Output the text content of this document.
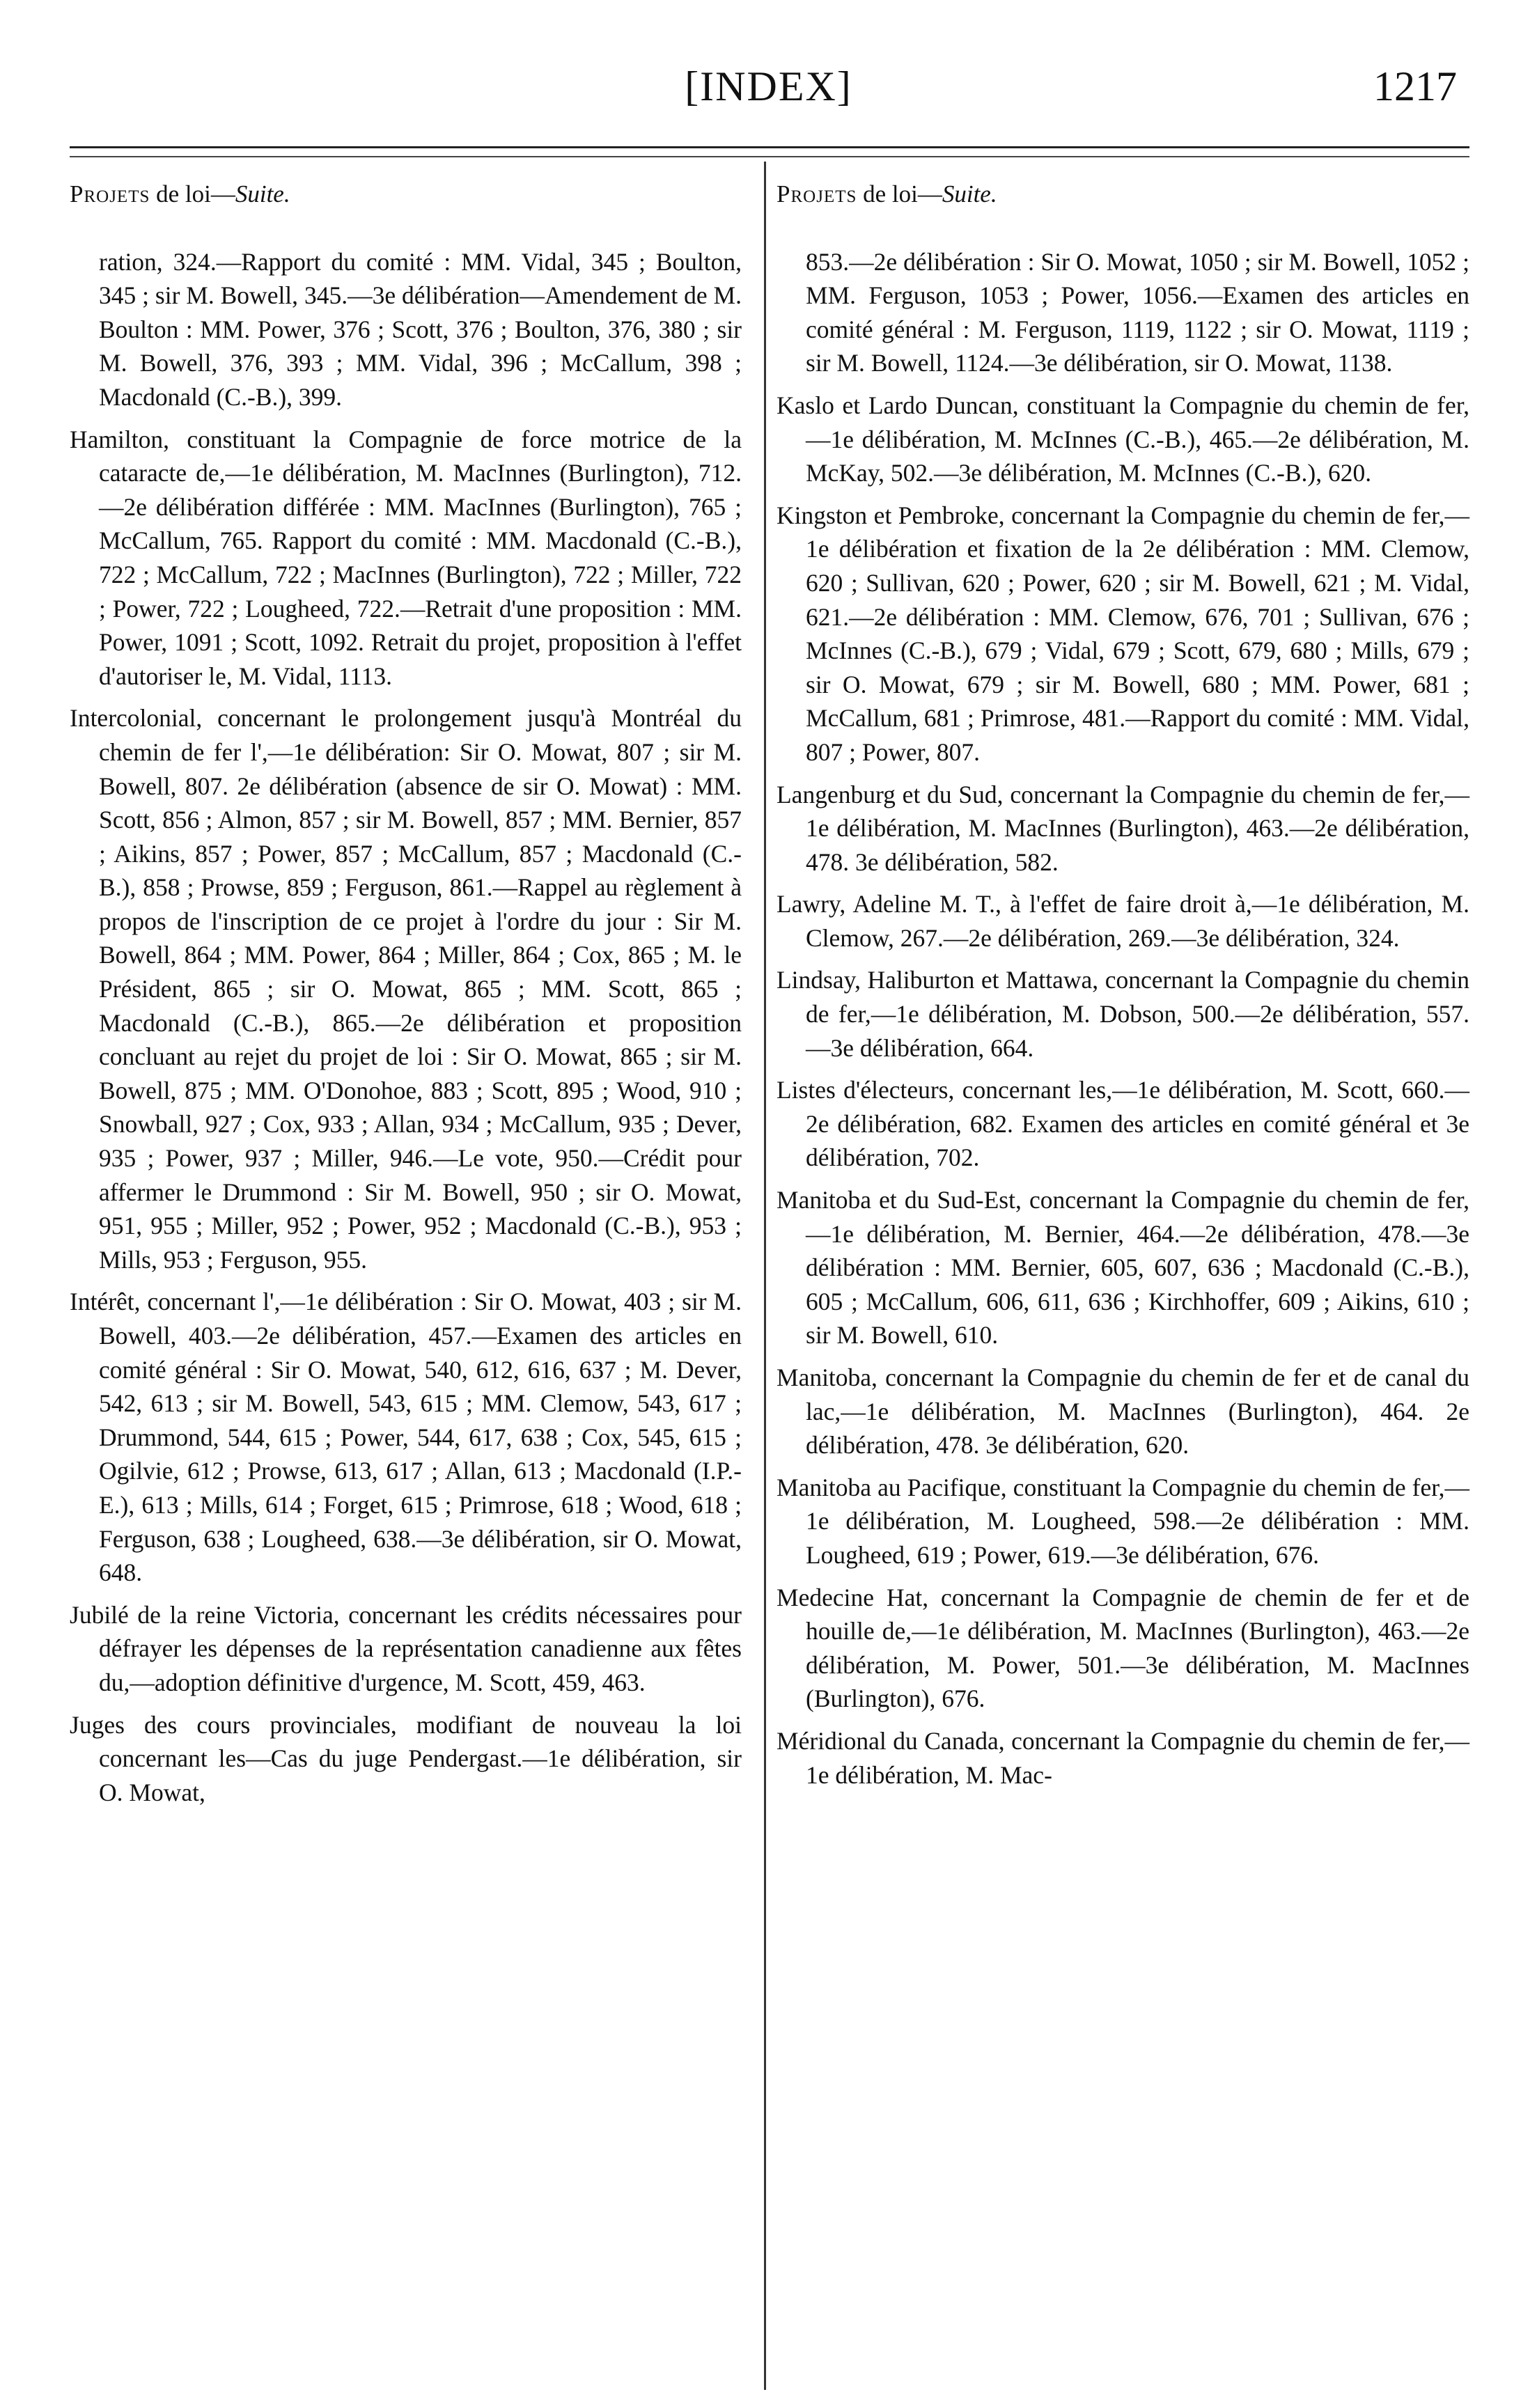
[INDEX]	1217
Projets de loi—Suite.

ration, 324.—Rapport du comité : MM. Vidal, 345 ; Boulton, 345 ; sir M. Bowell, 345.—3e délibération—Amendement de M. Boulton : MM. Power, 376 ; Scott, 376 ; Boulton, 376, 380 ; sir M. Bowell, 376, 393 ; MM. Vidal, 396 ; McCallum, 398 ; Macdonald (C.-B.), 399.

Hamilton, constituant la Compagnie de force motrice de la cataracte de,—1e délibération, M. MacInnes (Burlington), 712.—2e délibération différée : MM. MacInnes (Burlington), 765 ; McCallum, 765. Rapport du comité : MM. Macdonald (C.-B.), 722 ; McCallum, 722 ; MacInnes (Burlington), 722 ; Miller, 722 ; Power, 722 ; Lougheed, 722.—Retrait d'une proposition : MM. Power, 1091 ; Scott, 1092. Retrait du projet, proposition à l'effet d'autoriser le, M. Vidal, 1113.

Intercolonial, concernant le prolongement jusqu'à Montréal du chemin de fer l',—1e délibération: Sir O. Mowat, 807 ; sir M. Bowell, 807. 2e délibération (absence de sir O. Mowat) : MM. Scott, 856 ; Almon, 857 ; sir M. Bowell, 857 ; MM. Bernier, 857 ; Aikins, 857 ; Power, 857 ; McCallum, 857 ; Macdonald (C.-B.), 858 ; Prowse, 859 ; Ferguson, 861.—Rappel au règlement à propos de l'inscription de ce projet à l'ordre du jour : Sir M. Bowell, 864 ; MM. Power, 864 ; Miller, 864 ; Cox, 865 ; M. le Président, 865 ; sir O. Mowat, 865 ; MM. Scott, 865 ; Macdonald (C.-B.), 865.—2e délibération et proposition concluant au rejet du projet de loi : Sir O. Mowat, 865 ; sir M. Bowell, 875 ; MM. O'Donohoe, 883 ; Scott, 895 ; Wood, 910 ; Snowball, 927 ; Cox, 933 ; Allan, 934 ; McCallum, 935 ; Dever, 935 ; Power, 937 ; Miller, 946.—Le vote, 950.—Crédit pour affermer le Drummond : Sir M. Bowell, 950 ; sir O. Mowat, 951, 955 ; Miller, 952 ; Power, 952 ; Macdonald (C.-B.), 953 ; Mills, 953 ; Ferguson, 955.

Intérêt, concernant l',—1e délibération : Sir O. Mowat, 403 ; sir M. Bowell, 403.—2e délibération, 457.—Examen des articles en comité général : Sir O. Mowat, 540, 612, 616, 637 ; M. Dever, 542, 613 ; sir M. Bowell, 543, 615 ; MM. Clemow, 543, 617 ; Drummond, 544, 615 ; Power, 544, 617, 638 ; Cox, 545, 615 ; Ogilvie, 612 ; Prowse, 613, 617 ; Allan, 613 ; Macdonald (I.P.-E.), 613 ; Mills, 614 ; Forget, 615 ; Primrose, 618 ; Wood, 618 ; Ferguson, 638 ; Lougheed, 638.—3e délibération, sir O. Mowat, 648.

Jubilé de la reine Victoria, concernant les crédits nécessaires pour défrayer les dépenses de la représentation canadienne aux fêtes du,—adoption définitive d'urgence, M. Scott, 459, 463.

Juges des cours provinciales, modifiant de nouveau la loi concernant les—Cas du juge Pendergast.—1e délibération, sir O. Mowat,

Projets de loi—Suite.

853.—2e délibération : Sir O. Mowat, 1050 ; sir M. Bowell, 1052 ; MM. Ferguson, 1053 ; Power, 1056.—Examen des articles en comité général : M. Ferguson, 1119, 1122 ; sir O. Mowat, 1119 ; sir M. Bowell, 1124.—3e délibération, sir O. Mowat, 1138.

Kaslo et Lardo Duncan, constituant la Compagnie du chemin de fer,—1e délibération, M. McInnes (C.-B.), 465.—2e délibération, M. McKay, 502.—3e délibération, M. McInnes (C.-B.), 620.

Kingston et Pembroke, concernant la Compagnie du chemin de fer,—1e délibération et fixation de la 2e délibération : MM. Clemow, 620 ; Sullivan, 620 ; Power, 620 ; sir M. Bowell, 621 ; M. Vidal, 621.—2e délibération : MM. Clemow, 676, 701 ; Sullivan, 676 ; McInnes (C.-B.), 679 ; Vidal, 679 ; Scott, 679, 680 ; Mills, 679 ; sir O. Mowat, 679 ; sir M. Bowell, 680 ; MM. Power, 681 ; McCallum, 681 ; Primrose, 481.—Rapport du comité : MM. Vidal, 807 ; Power, 807.

Langenburg et du Sud, concernant la Compagnie du chemin de fer,—1e délibération, M. MacInnes (Burlington), 463.—2e délibération, 478. 3e délibération, 582.

Lawry, Adeline M. T., à l'effet de faire droit à,—1e délibération, M. Clemow, 267.—2e délibération, 269.—3e délibération, 324.

Lindsay, Haliburton et Mattawa, concernant la Compagnie du chemin de fer,—1e délibération, M. Dobson, 500.—2e délibération, 557.—3e délibération, 664.

Listes d'électeurs, concernant les,—1e délibération, M. Scott, 660.—2e délibération, 682. Examen des articles en comité général et 3e délibération, 702.

Manitoba et du Sud-Est, concernant la Compagnie du chemin de fer,—1e délibération, M. Bernier, 464.—2e délibération, 478.—3e délibération : MM. Bernier, 605, 607, 636 ; Macdonald (C.-B.), 605 ; McCallum, 606, 611, 636 ; Kirchhoffer, 609 ; Aikins, 610 ; sir M. Bowell, 610.

Manitoba, concernant la Compagnie du chemin de fer et de canal du lac,—1e délibération, M. MacInnes (Burlington), 464. 2e délibération, 478. 3e délibération, 620.

Manitoba au Pacifique, constituant la Compagnie du chemin de fer,—1e délibération, M. Lougheed, 598.—2e délibération : MM. Lougheed, 619 ; Power, 619.—3e délibération, 676.

Medecine Hat, concernant la Compagnie de chemin de fer et de houille de,—1e délibération, M. MacInnes (Burlington), 463.—2e délibération, M. Power, 501.—3e délibération, M. MacInnes (Burlington), 676.

Méridional du Canada, concernant la Compagnie du chemin de fer,—1e délibération, M. Mac-
